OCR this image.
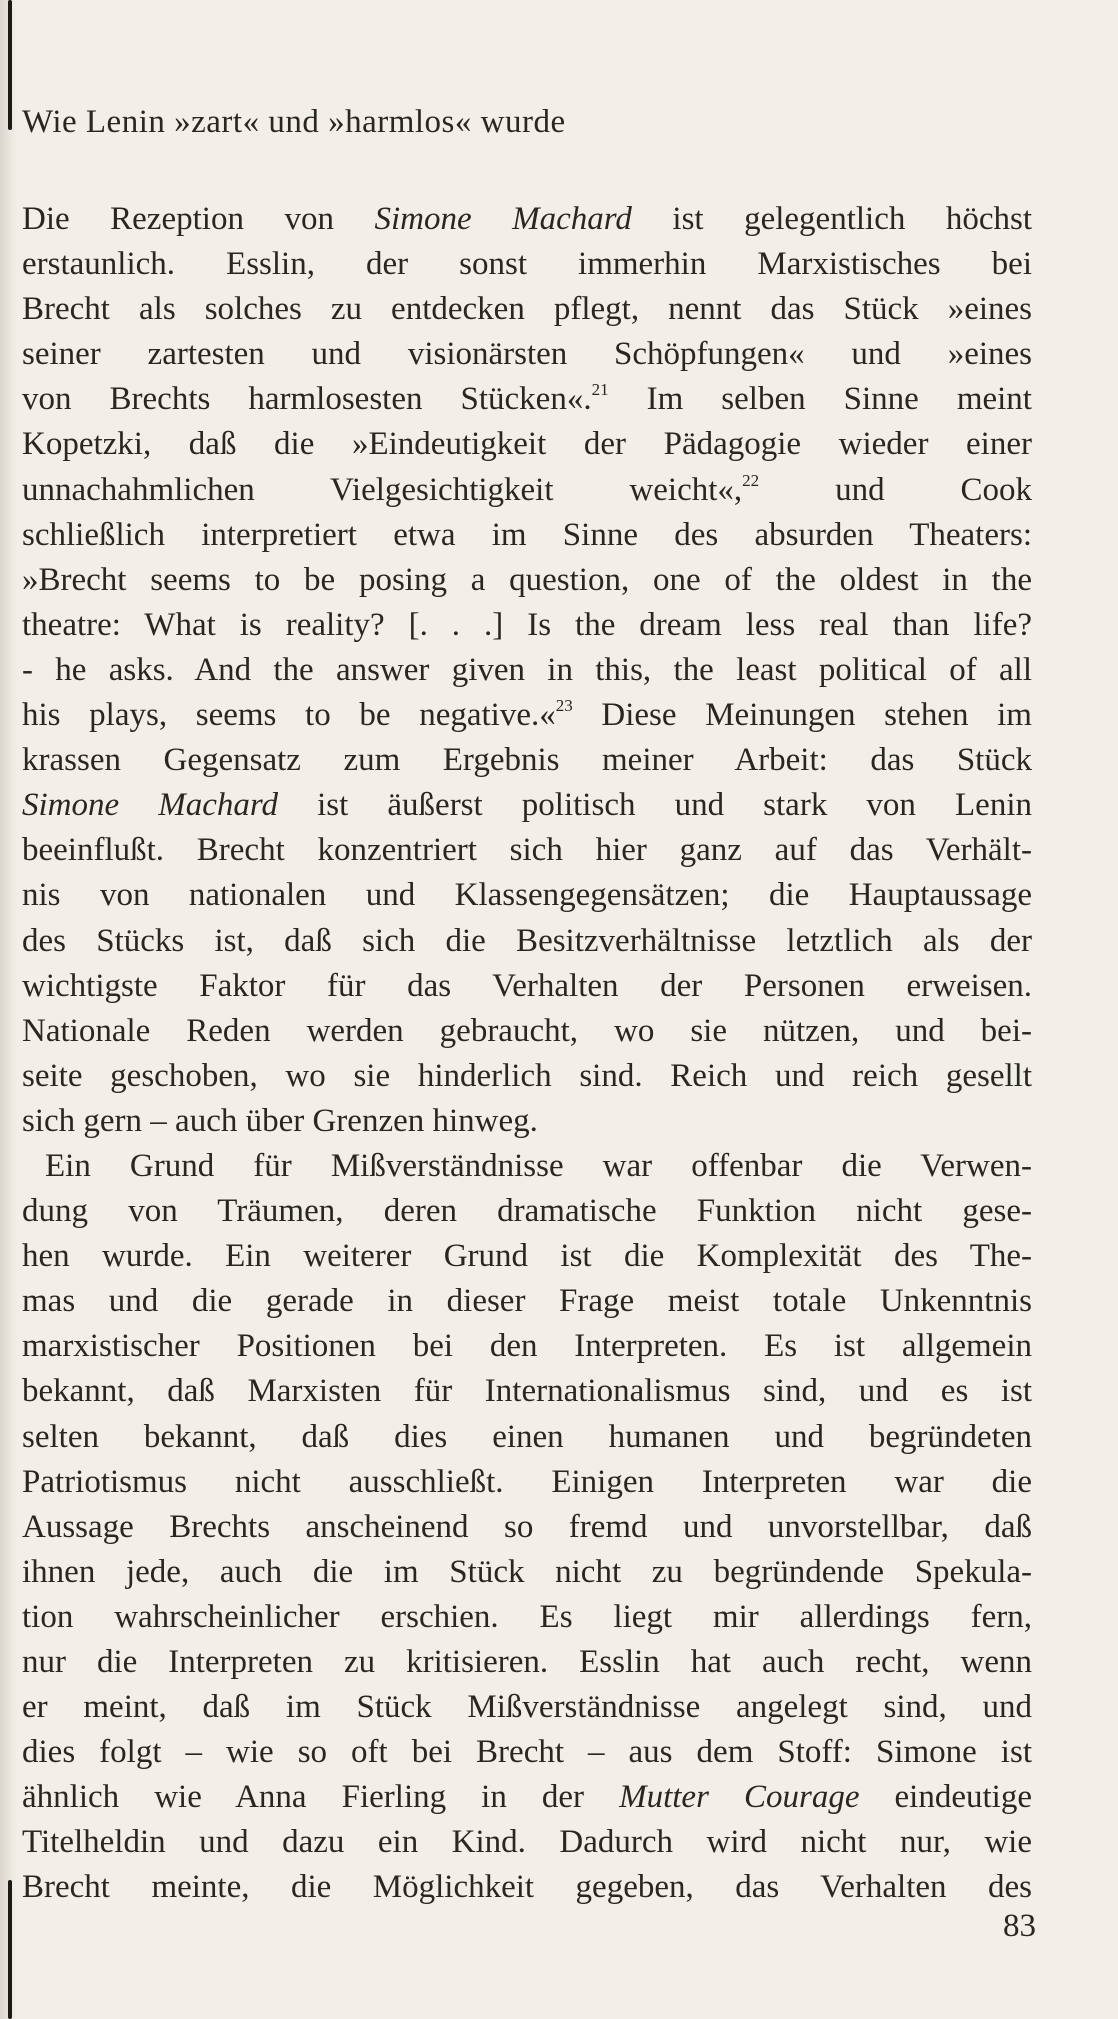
Wie Lenin »zart« und »harmlos« wurde
Die Rezeption von Simone Machard ist gelegentlich höchst
erstaunlich. Esslin, der sonst immerhin Marxistisches bei
Brecht als solches zu entdecken pflegt, nennt das Stück »eines
seiner zartesten und visionärsten Schöpfungen« und »eines
von Brechts harmlosesten Stücken«.$^{21}$ Im selben Sinne meint
Kopetzki, daß die »Eindeutigkeit der Pädagogie wieder einer
unnachahmlichen Vielgesichtigkeit weicht«,$^{22}$ und Cook
schließlich interpretiert etwa im Sinne des absurden Theaters:
»Brecht seems to be posing a question, one of the oldest in the
theatre: What is reality? [. . .] Is the dream less real than life?
- he asks. And the answer given in this, the least political of all
his plays, seems to be negative.«$^{23}$ Diese Meinungen stehen im
krassen Gegensatz zum Ergebnis meiner Arbeit: das Stück
Simone Machard ist äußerst politisch und stark von Lenin
beeinflußt. Brecht konzentriert sich hier ganz auf das Verhält-
nis von nationalen und Klassengegensätzen; die Hauptaussage
des Stücks ist, daß sich die Besitzverhältnisse letztlich als der
wichtigste Faktor für das Verhalten der Personen erweisen.
Nationale Reden werden gebraucht, wo sie nützen, und bei-
seite geschoben, wo sie hinderlich sind. Reich und reich gesellt
sich gern – auch über Grenzen hinweg.
Ein Grund für Mißverständnisse war offenbar die Verwen-
dung von Träumen, deren dramatische Funktion nicht gese-
hen wurde. Ein weiterer Grund ist die Komplexität des The-
mas und die gerade in dieser Frage meist totale Unkenntnis
marxistischer Positionen bei den Interpreten. Es ist allgemein
bekannt, daß Marxisten für Internationalismus sind, und es ist
selten bekannt, daß dies einen humanen und begründeten
Patriotismus nicht ausschließt. Einigen Interpreten war die
Aussage Brechts anscheinend so fremd und unvorstellbar, daß
ihnen jede, auch die im Stück nicht zu begründende Spekula-
tion wahrscheinlicher erschien. Es liegt mir allerdings fern,
nur die Interpreten zu kritisieren. Esslin hat auch recht, wenn
er meint, daß im Stück Mißverständnisse angelegt sind, und
dies folgt – wie so oft bei Brecht – aus dem Stoff: Simone ist
ähnlich wie Anna Fierling in der Mutter Courage eindeutige
Titelheldin und dazu ein Kind. Dadurch wird nicht nur, wie
Brecht meinte, die Möglichkeit gegeben, das Verhalten des
83
